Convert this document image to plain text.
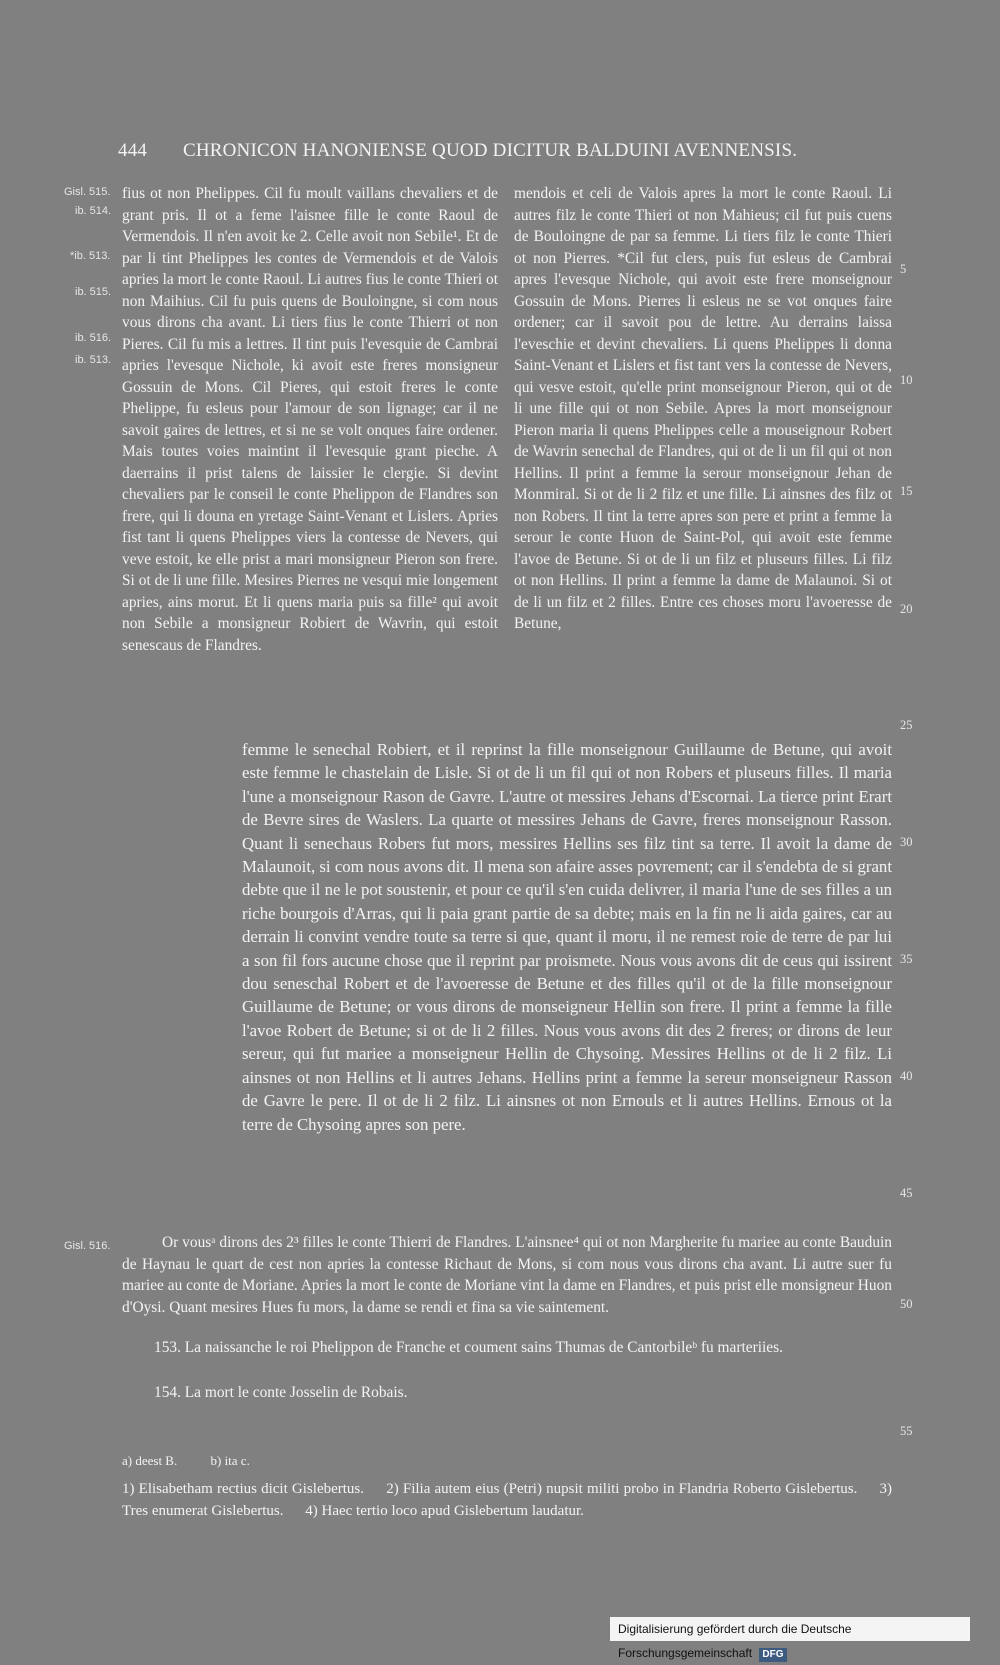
444 CHRONICON HANONIENSE QUOD DICITUR BALDUINI AVENNENSIS.
Gisl. 515.
ib. 514.
*ib. 513.
ib. 515.
ib. 516.
ib. 513.
Gisl. 516.
5
10
15
20
25
30
35
40
45
50
55

fius ot non Phelippes. Cil fu moult vaillans chevaliers et de grant pris. Il ot a feme l'aisnee fille le conte Raoul de Vermendois. Il n'en avoit ke 2. Celle avoit non Sebile¹. Et de par li tint Phelippes les contes de Vermendois et de Valois apries la mort le conte Raoul. Li autres fius le conte Thieri ot non Maihius. Cil fu puis quens de Bouloingne, si com nous vous dirons cha avant. Li tiers fius le conte Thierri ot non Pieres. Cil fu mis a lettres. Il tint puis l'evesquie de Cambrai apries l'evesque Nichole, ki avoit este freres monsigneur Gossuin de Mons. Cil Pieres, qui estoit freres le conte Phelippe, fu esleus pour l'amour de son lignage; car il ne savoit gaires de lettres, et si ne se volt onques faire ordener. Mais toutes voies maintint il l'evesquie grant pieche. A daerrains il prist talens de laissier le clergie. Si devint chevaliers par le conseil le conte Phelippon de Flandres son frere, qui li douna en yretage Saint-Venant et Lislers. Apries fist tant li quens Phelippes viers la contesse de Nevers, qui veve estoit, ke elle prist a mari monsigneur Pieron son frere. Si ot de li une fille. Mesires Pierres ne vesqui mie longement apries, ains morut. Et li quens maria puis sa fille² qui avoit non Sebile a monsigneur Robiert de Wavrin, qui estoit senescaus de Flandres.

mendois et celi de Valois apres la mort le conte Raoul. Li autres filz le conte Thieri ot non Mahieus; cil fut puis cuens de Bouloingne de par sa femme. Li tiers filz le conte Thieri ot non Pierres. *Cil fut clers, puis fut esleus de Cambrai apres l'evesque Nichole, qui avoit este frere monseignour Gossuin de Mons. Pierres li esleus ne se vot onques faire ordener; car il savoit pou de lettre. Au derrains laissa l'eveschie et devint chevaliers. Li quens Phelippes li donna Saint-Venant et Lislers et fist tant vers la contesse de Nevers, qui vesve estoit, qu'elle print monseignour Pieron, qui ot de li une fille qui ot non Sebile. Apres la mort monseignour Pieron maria li quens Phelippes celle a mouseignour Robert de Wavrin senechal de Flandres, qui ot de li un fil qui ot non Hellins. Il print a femme la serour monseignour Jehan de Monmiral. Si ot de li 2 filz et une fille. Li ainsnes des filz ot non Robers. Il tint la terre apres son pere et print a femme la serour le conte Huon de Saint-Pol, qui avoit este femme l'avoe de Betune. Si ot de li un filz et pluseurs filles. Li filz ot non Hellins. Il print a femme la dame de Malaunoi. Si ot de li un filz et 2 filles. Entre ces choses moru l'avoeresse de Betune,

femme le senechal Robiert, et il reprinst la fille monseignour Guillaume de Betune, qui avoit este femme le chastelain de Lisle. Si ot de li un fil qui ot non Robers et pluseurs filles. Il maria l'une a monseignour Rason de Gavre. L'autre ot messires Jehans d'Escornai. La tierce print Erart de Bevre sires de Waslers. La quarte ot messires Jehans de Gavre, freres monseignour Rasson. Quant li senechaus Robers fut mors, messires Hellins ses filz tint sa terre. Il avoit la dame de Malaunoit, si com nous avons dit. Il mena son afaire asses povrement; car il s'endebta de si grant debte que il ne le pot soustenir, et pour ce qu'il s'en cuida delivrer, il maria l'une de ses filles a un riche bourgois d'Arras, qui li paia grant partie de sa debte; mais en la fin ne li aida gaires, car au derrain li convint vendre toute sa terre si que, quant il moru, il ne remest roie de terre de par lui a son fil fors aucune chose que il reprint par proismete. Nous vous avons dit de ceus qui issirent dou seneschal Robert et de l'avoeresse de Betune et des filles qu'il ot de la fille monseignour Guillaume de Betune; or vous dirons de monseigneur Hellin son frere. Il print a femme la fille l'avoe Robert de Betune; si ot de li 2 filles. Nous vous avons dit des 2 freres; or dirons de leur sereur, qui fut mariee a monseigneur Hellin de Chysoing. Messires Hellins ot de li 2 filz. Li ainsnes ot non Hellins et li autres Jehans. Hellins print a femme la sereur monseigneur Rasson de Gavre le pere. Il ot de li 2 filz. Li ainsnes ot non Ernouls et li autres Hellins. Ernous ot la terre de Chysoing apres son pere.

Or vousᵃ dirons des 2³ filles le conte Thierri de Flandres. L'ainsnee⁴ qui ot non Margherite fu mariee au conte Bauduin de Haynau le quart de cest non apries la contesse Richaut de Mons, si com nous vous dirons cha avant. Li autre suer fu mariee au conte de Moriane. Apries la mort le conte de Moriane vint la dame en Flandres, et puis prist elle monsigneur Huon d'Oysi. Quant mesires Hues fu mors, la dame se rendi et fina sa vie saintement.

153. La naissanche le roi Phelippon de Franche et coument sains Thumas de Cantorbileᵇ fu marteriies.
154. La mort le conte Josselin de Robais.
a) deest B.	b) ita c.
1) Elisabetham rectius dicit Gislebertus. 2) Filia autem eius (Petri) nupsit militi probo in Flandria Roberto Gislebertus. 3) Tres enumerat Gislebertus. 4) Haec tertio loco apud Gislebertum laudatur.
Digitalisierung gefördert durch die Deutsche Forschungsgemeinschaft DFG
